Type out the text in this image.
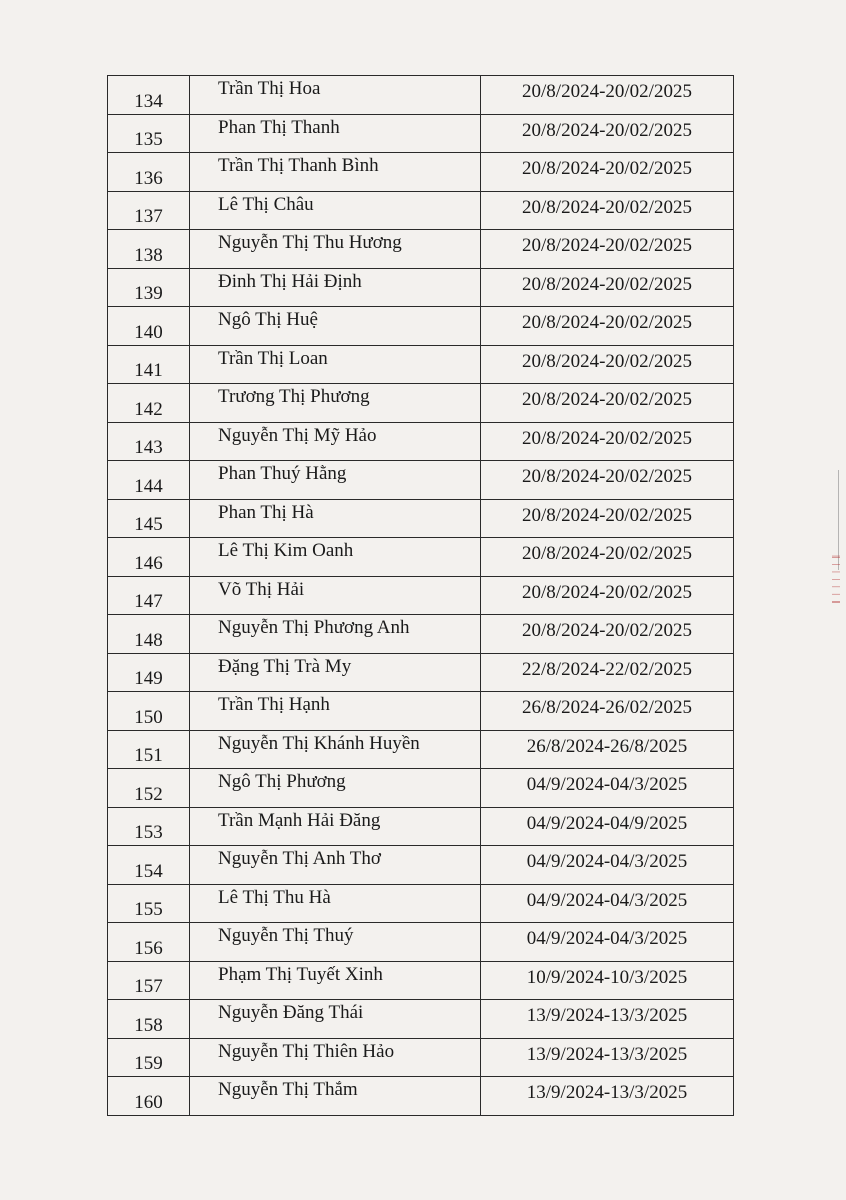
134	Trần Thị Hoa	20/8/2024-20/02/2025

135	Phan Thị Thanh	20/8/2024-20/02/2025

136	Trần Thị Thanh Bình	20/8/2024-20/02/2025

137	Lê Thị Châu	20/8/2024-20/02/2025

138	Nguyễn Thị Thu Hương	20/8/2024-20/02/2025

139	Đinh Thị Hải Định	20/8/2024-20/02/2025

140	Ngô Thị Huệ	20/8/2024-20/02/2025

141	Trần Thị Loan	20/8/2024-20/02/2025

142	Trương Thị Phương	20/8/2024-20/02/2025

143	Nguyễn Thị Mỹ Hảo	20/8/2024-20/02/2025

144	Phan Thuý Hằng	20/8/2024-20/02/2025

145	Phan Thị Hà	20/8/2024-20/02/2025

146	Lê Thị Kim Oanh	20/8/2024-20/02/2025

147	Võ Thị Hải	20/8/2024-20/02/2025

148	Nguyễn Thị Phương Anh	20/8/2024-20/02/2025

149	Đặng Thị Trà My	22/8/2024-22/02/2025

150	Trần Thị Hạnh	26/8/2024-26/02/2025

151	Nguyễn Thị Khánh Huyền	26/8/2024-26/8/2025

152	Ngô Thị Phương	04/9/2024-04/3/2025

153	Trần Mạnh Hải Đăng	04/9/2024-04/9/2025

154	Nguyễn Thị Anh Thơ	04/9/2024-04/3/2025

155	Lê Thị Thu Hà	04/9/2024-04/3/2025

156	Nguyễn Thị Thuý	04/9/2024-04/3/2025

157	Phạm Thị Tuyết Xinh	10/9/2024-10/3/2025

158	Nguyễn Đăng Thái	13/9/2024-13/3/2025

159	Nguyễn Thị Thiên Hảo	13/9/2024-13/3/2025

160	Nguyễn Thị Thắm	13/9/2024-13/3/2025
ǁ ǀ ǀ ǀ ǀ ǀ ǁ
